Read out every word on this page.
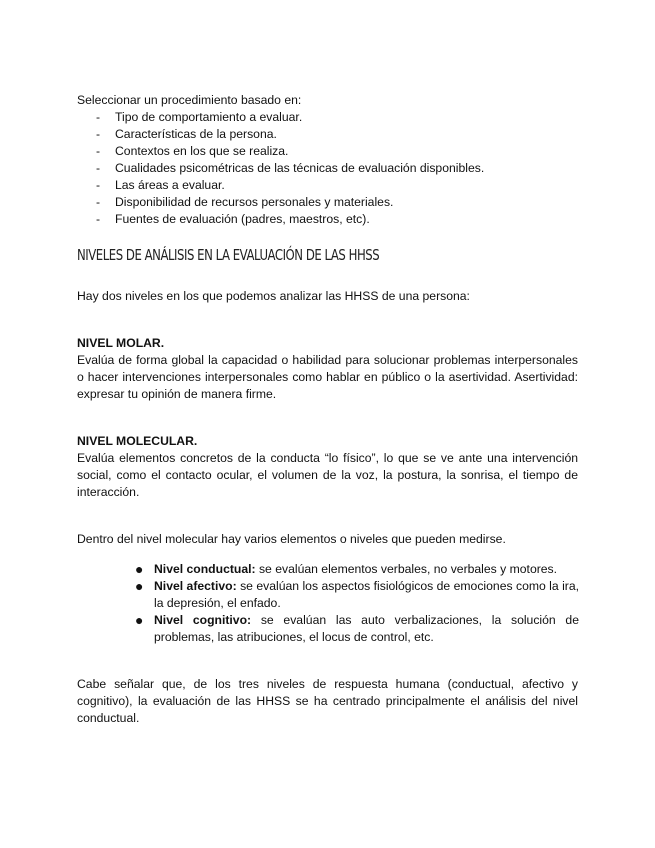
Seleccionar un procedimiento basado en:
- Tipo de comportamiento a evaluar.
- Características de la persona.
- Contextos en los que se realiza.
- Cualidades psicométricas de las técnicas de evaluación disponibles.
- Las áreas a evaluar.
- Disponibilidad de recursos personales y materiales.
- Fuentes de evaluación (padres, maestros, etc).
NIVELES DE ANÁLISIS EN LA EVALUACIÓN DE LAS HHSS
Hay dos niveles en los que podemos analizar las HHSS de una persona:
NIVEL MOLAR.
Evalúa de forma global la capacidad o habilidad para solucionar problemas interpersonales o hacer intervenciones interpersonales como hablar en público o la asertividad. Asertividad: expresar tu opinión de manera firme.
NIVEL MOLECULAR.
Evalúa elementos concretos de la conducta “lo físico”, lo que se ve ante una intervención social, como el contacto ocular, el volumen de la voz, la postura, la sonrisa, el tiempo de interacción.
Dentro del nivel molecular hay varios elementos o niveles que pueden medirse.
● Nivel conductual: se evalúan elementos verbales, no verbales y motores.
● Nivel afectivo: se evalúan los aspectos fisiológicos de emociones como la ira, la depresión, el enfado.
● Nivel cognitivo: se evalúan las auto verbalizaciones, la solución de problemas, las atribuciones, el locus de control, etc.
Cabe señalar que, de los tres niveles de respuesta humana (conductual, afectivo y cognitivo), la evaluación de las HHSS se ha centrado principalmente el análisis del nivel conductual.
